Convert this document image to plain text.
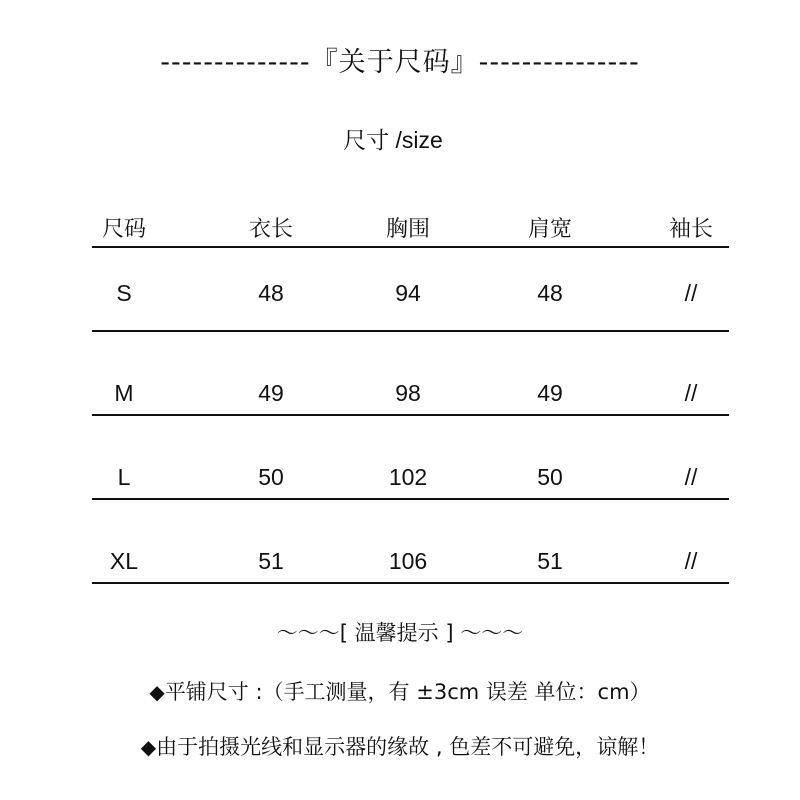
--------------『关于尺码』---------------
尺寸 /size
尺码	衣长	胸围	肩宽	袖长
S	48	94	48	//
M	49	98	49	//
L	50	102	50	//
XL	51	106	51	//
～～～[ 温馨提示 ] ～～～
◆平铺尺寸 :（手工测量，有 ±3cm 误差 单位：cm）
◆由于拍摄光线和显示器的缘故 , 色差不可避免，谅解！
